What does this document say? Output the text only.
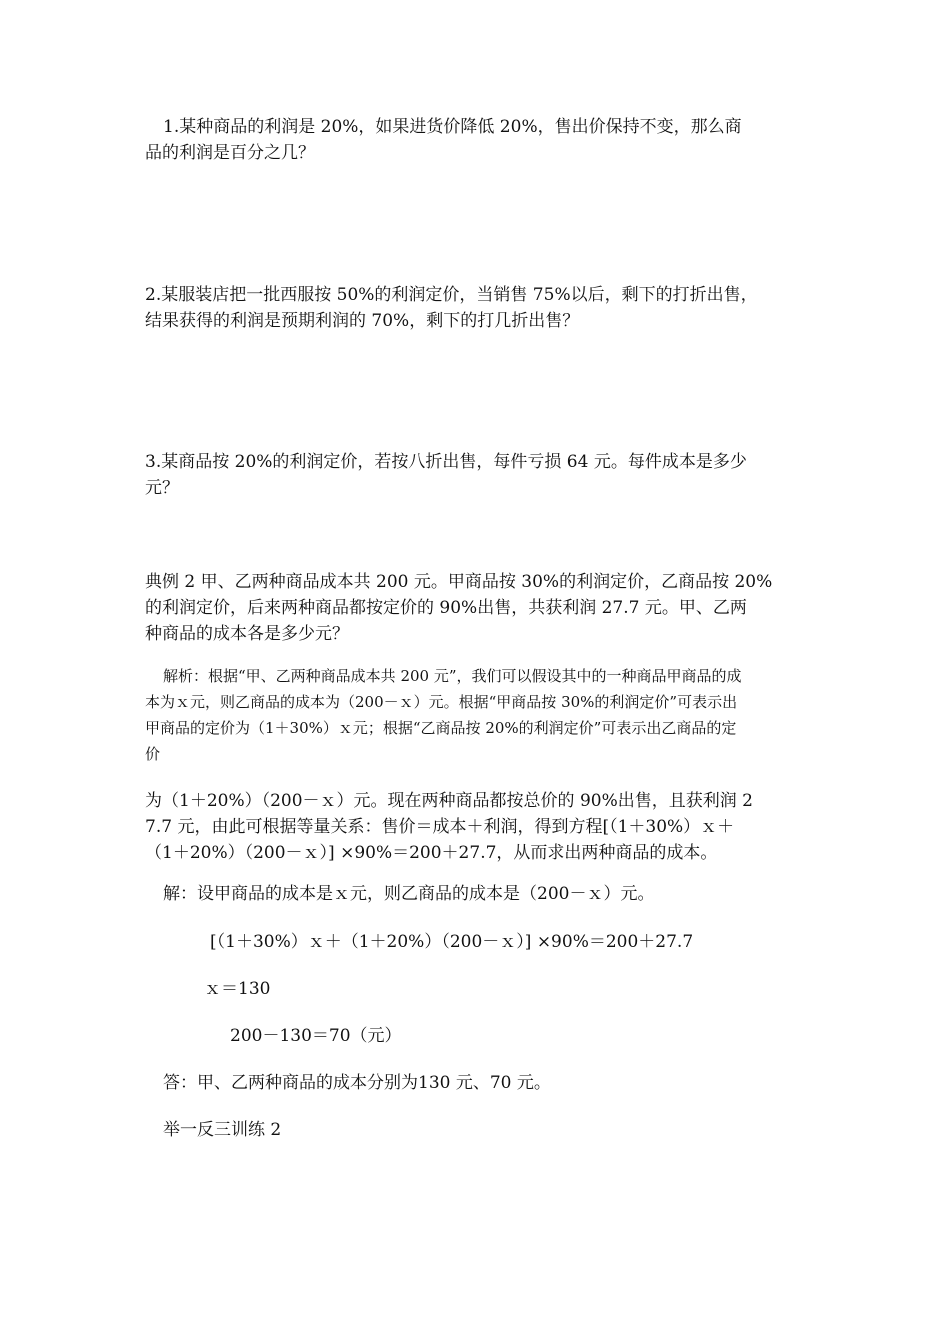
1.某种商品的利润是 20%，如果进货价降低 20%，售出价保持不变，那么商
品的利润是百分之几？
2.某服装店把一批西服按 50%的利润定价，当销售 75%以后，剩下的打折出售，
结果获得的利润是预期利润的 70%，剩下的打几折出售？
3.某商品按 20%的利润定价，若按八折出售，每件亏损 64 元。每件成本是多少
元？
典例 2 甲、乙两种商品成本共 200 元。甲商品按 30%的利润定价，乙商品按 20%
的利润定价，后来两种商品都按定价的 90%出售，共获利润 27.7 元。甲、乙两
种商品的成本各是多少元？
解析：根据“甲、乙两种商品成本共 200 元”，我们可以假设其中的一种商品甲商品的成
本为ｘ元，则乙商品的成本为（200－ｘ）元。根据“甲商品按 30%的利润定价”可表示出
甲商品的定价为（1＋30%）ｘ元；根据“乙商品按 20%的利润定价”可表示出乙商品的定
价
为（1＋20%）（200－ｘ）元。现在两种商品都按总价的 90%出售，且获利润 2
7.7 元，由此可根据等量关系：售价＝成本＋利润，得到方程[（1＋30%）ｘ＋
（1＋20%）（200－ｘ）] ×90%＝200＋27.7，从而求出两种商品的成本。
解：设甲商品的成本是ｘ元，则乙商品的成本是（200－ｘ）元。
[（1＋30%）ｘ＋（1＋20%）（200－ｘ）] ×90%＝200＋27.7
ｘ＝130
200－130＝70（元）
答：甲、乙两种商品的成本分别为130 元、70 元。
举一反三训练 2
